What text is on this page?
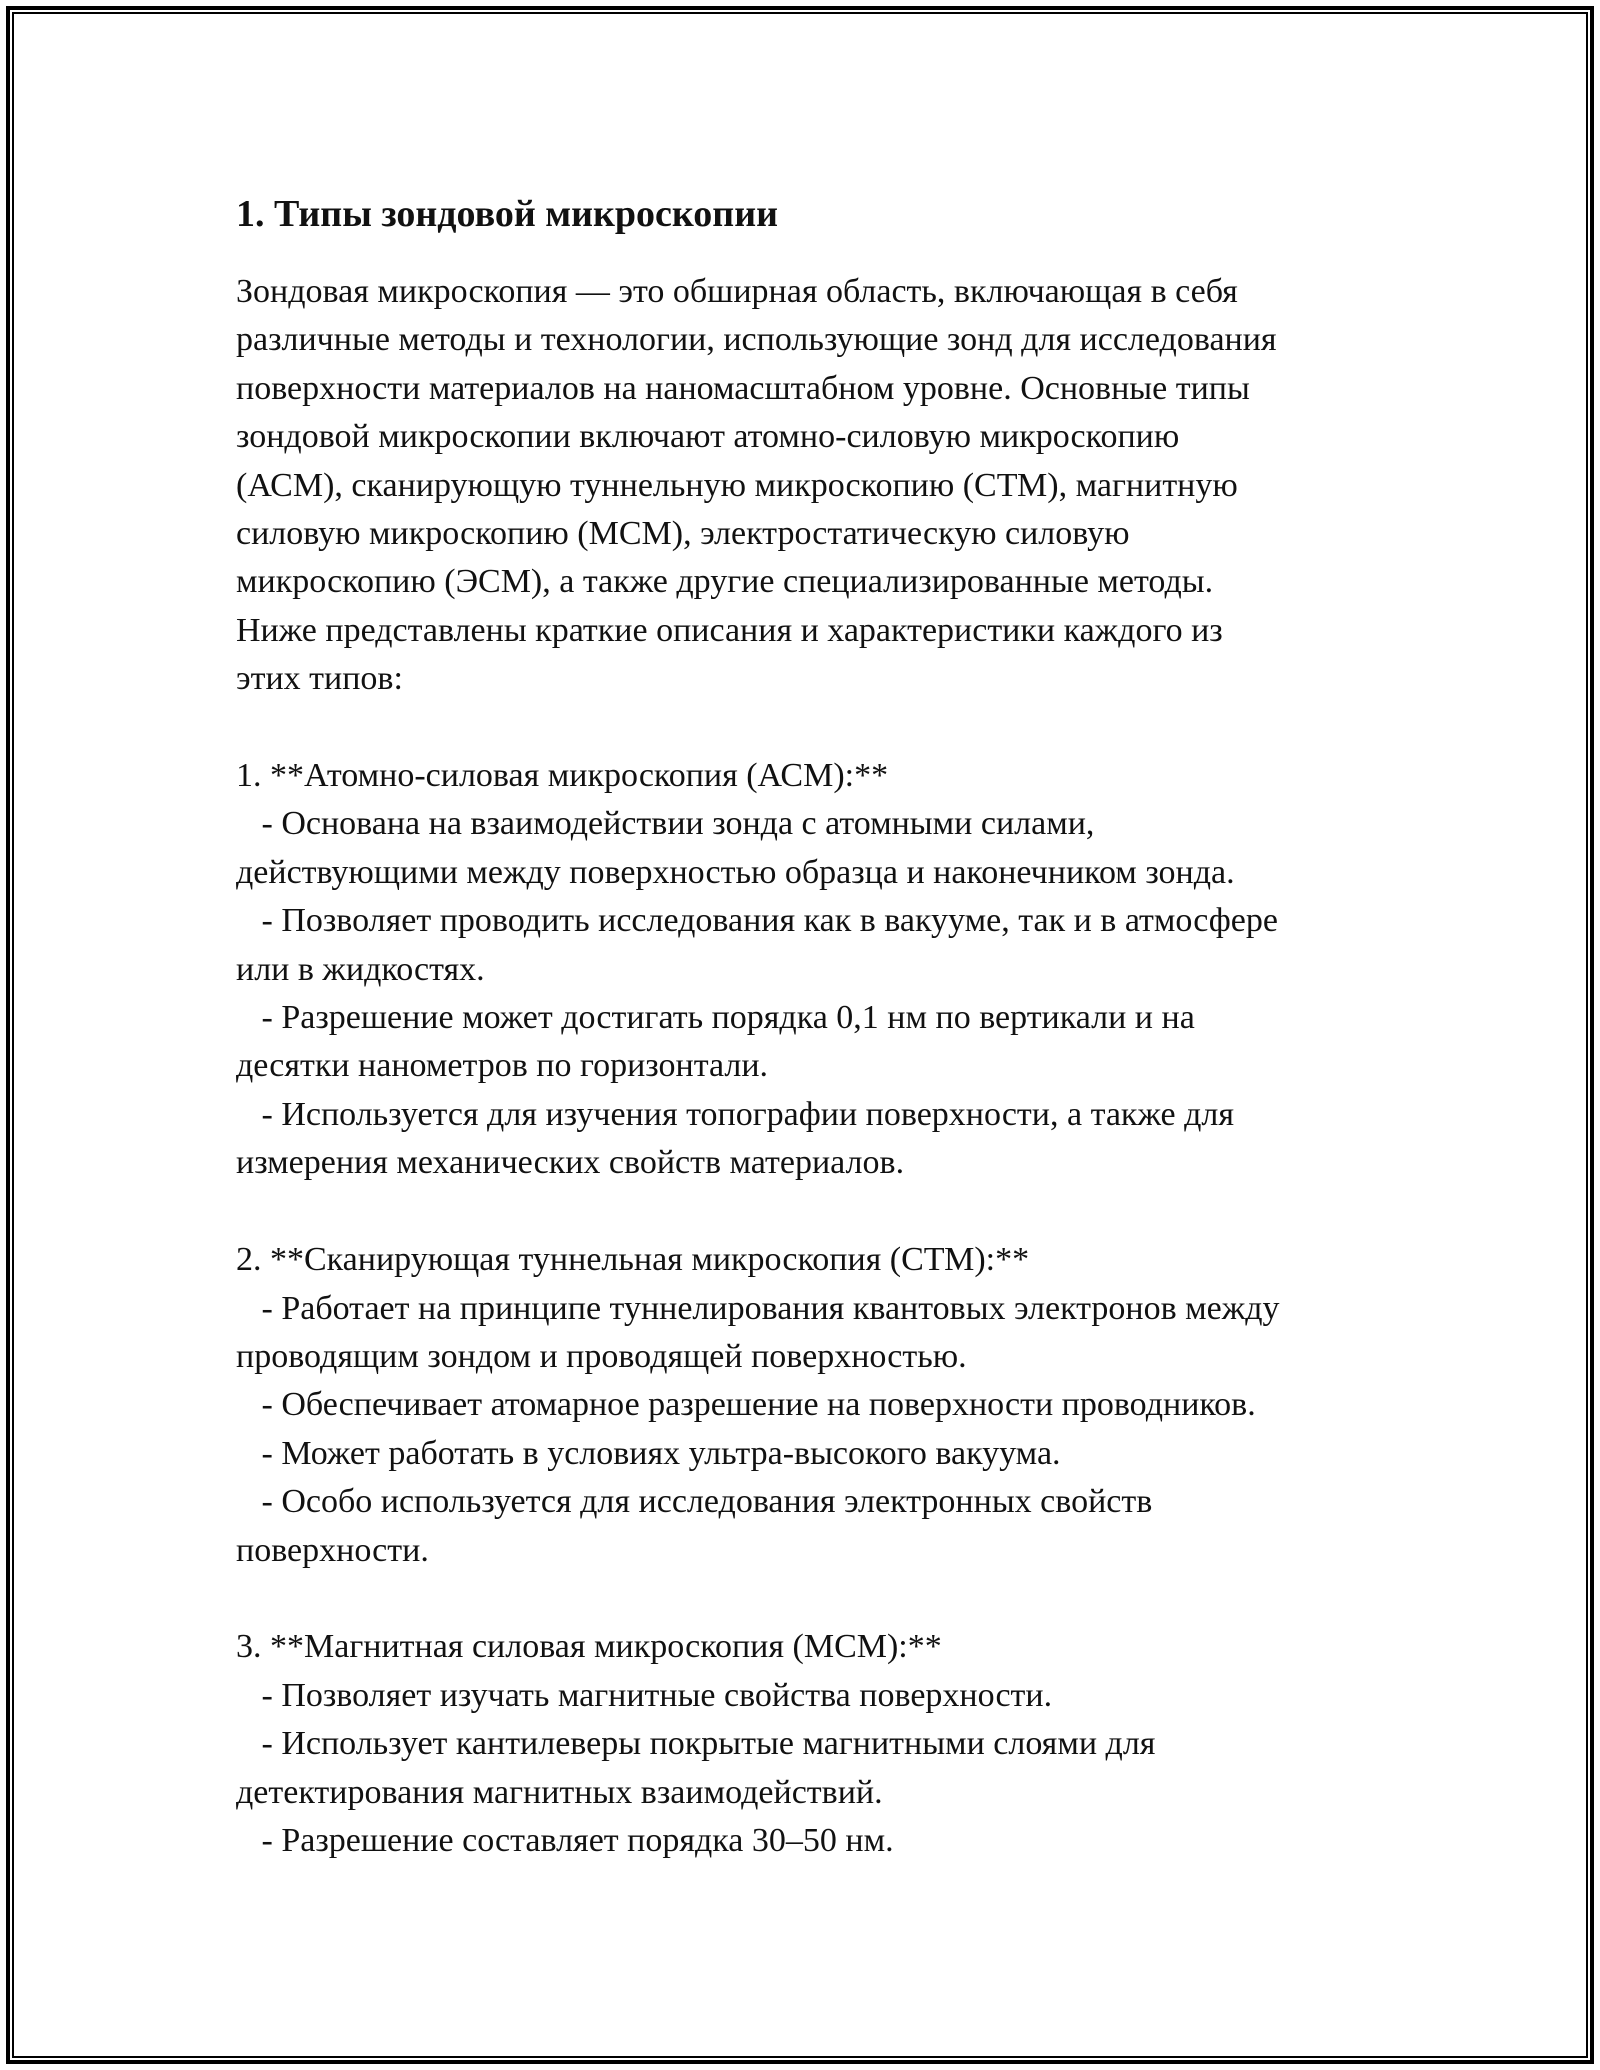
1. Типы зондовой микроскопии
Зондовая микроскопия — это обширная область, включающая в себя
различные методы и технологии, использующие зонд для исследования
поверхности материалов на наномасштабном уровне. Основные типы
зондовой микроскопии включают атомно-силовую микроскопию
(АСМ), сканирующую туннельную микроскопию (СТМ), магнитную
силовую микроскопию (МСМ), электростатическую силовую
микроскопию (ЭСМ), а также другие специализированные методы.
Ниже представлены краткие описания и характеристики каждого из
этих типов:
1. **Атомно-силовая микроскопия (АСМ):**
- Основана на взаимодействии зонда с атомными силами,
действующими между поверхностью образца и наконечником зонда.
- Позволяет проводить исследования как в вакууме, так и в атмосфере
или в жидкостях.
- Разрешение может достигать порядка 0,1 нм по вертикали и на
десятки нанометров по горизонтали.
- Используется для изучения топографии поверхности, а также для
измерения механических свойств материалов.
2. **Сканирующая туннельная микроскопия (СТМ):**
- Работает на принципе туннелирования квантовых электронов между
проводящим зондом и проводящей поверхностью.
- Обеспечивает атомарное разрешение на поверхности проводников.
- Может работать в условиях ультра-высокого вакуума.
- Особо используется для исследования электронных свойств
поверхности.
3. **Магнитная силовая микроскопия (МСМ):**
- Позволяет изучать магнитные свойства поверхности.
- Использует кантилеверы покрытые магнитными слоями для
детектирования магнитных взаимодействий.
- Разрешение составляет порядка 30–50 нм.
